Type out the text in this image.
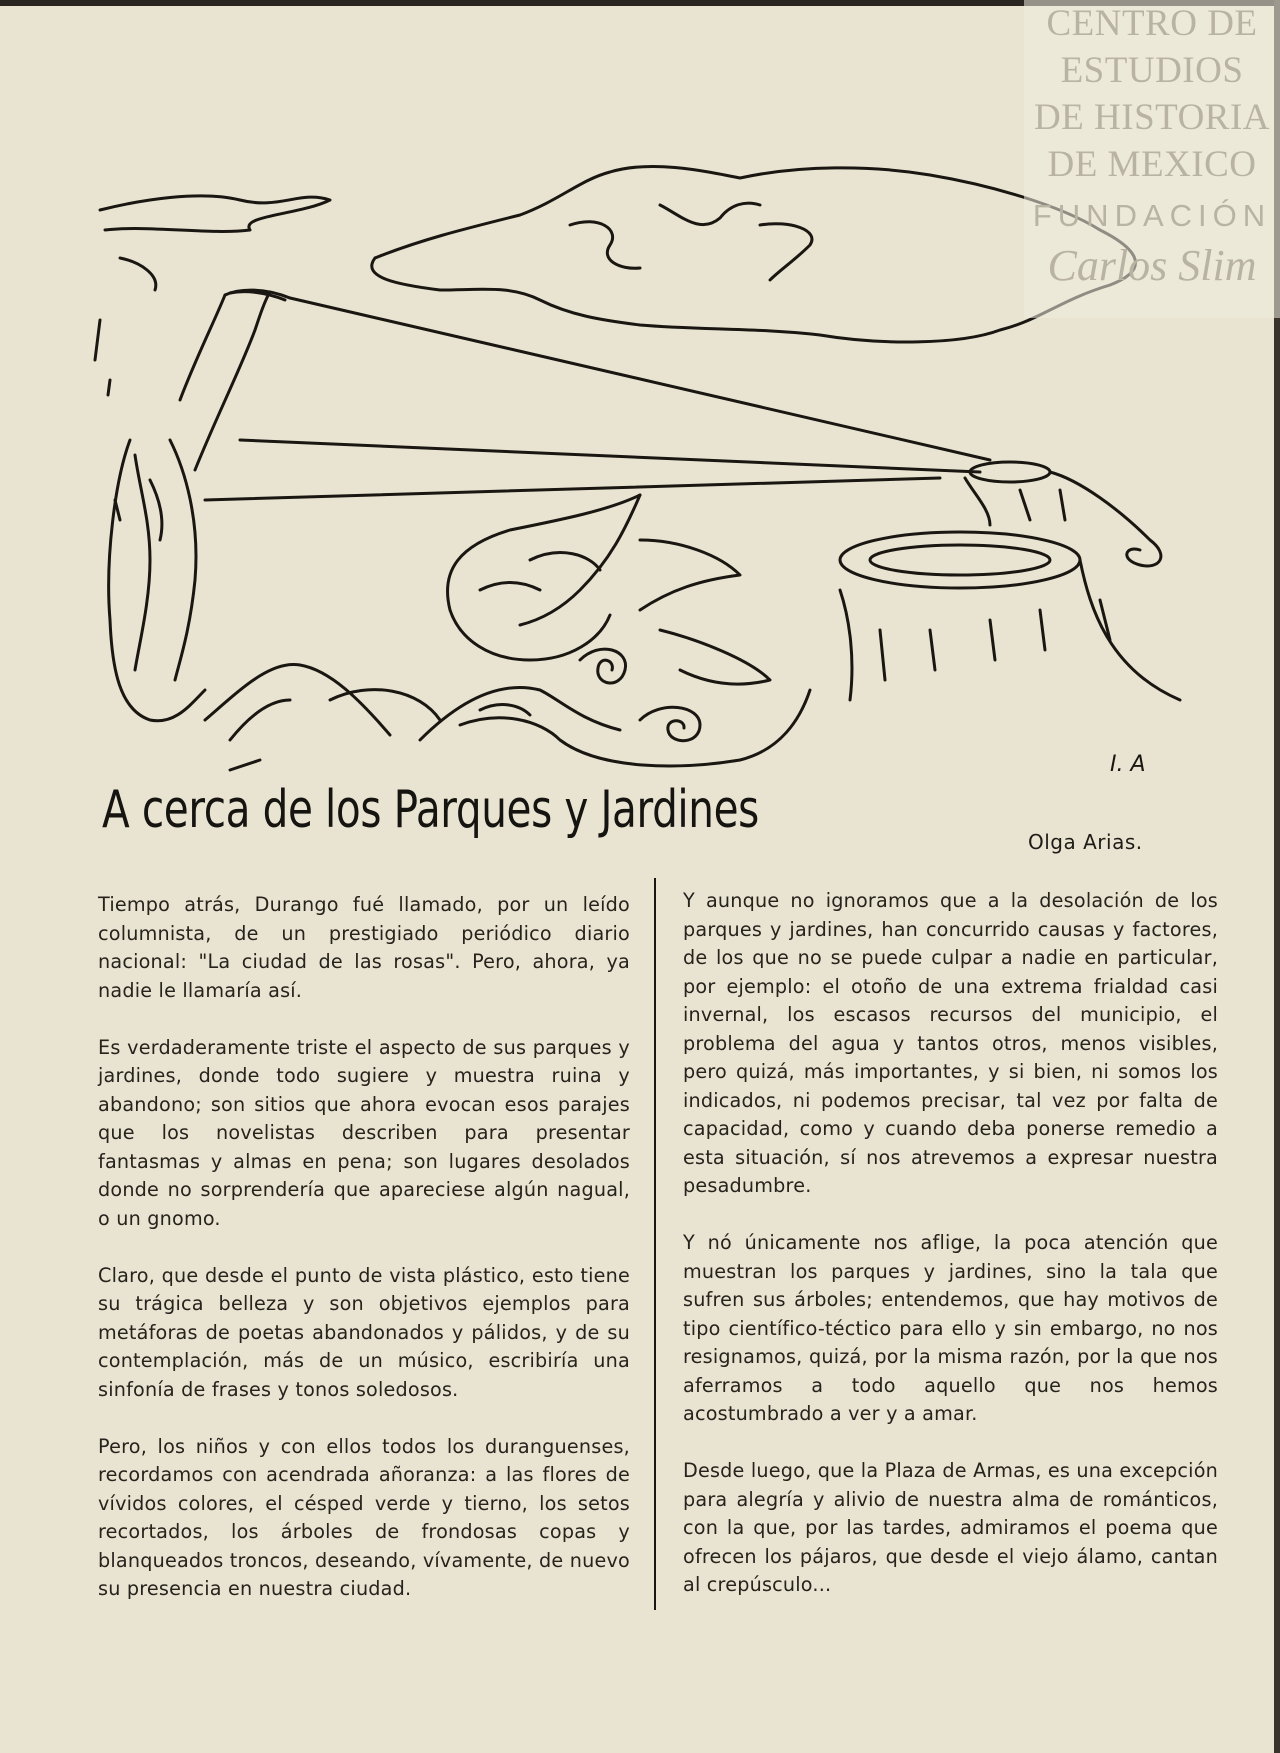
I. A
CENTRO DE
ESTUDIOS
DE HISTORIA
DE MEXICO
FUNDACIÓN
Carlos Slim
A cerca de los Parques y Jardines
Olga Arias.

Tiempo atrás, Durango fué llamado, por un leído columnista, de un prestigiado periódico diario nacional: "La ciudad de las rosas". Pero, ahora, ya nadie le llamaría así.

Es verdaderamente triste el aspecto de sus parques y jardines, donde todo sugiere y muestra ruina y abandono; son sitios que ahora evocan esos parajes que los novelistas describen para presentar fantasmas y almas en pena; son lugares desolados donde no sorprendería que apareciese algún nagual, o un gnomo.

Claro, que desde el punto de vista plástico, esto tiene su trágica belleza y son objetivos ejemplos para metáforas de poetas abandonados y pálidos, y de su contemplación, más de un músico, escribiría una sinfonía de frases y tonos soledosos.

Pero, los niños y con ellos todos los duranguenses, recordamos con acendrada añoranza: a las flores de vívidos colores, el césped verde y tierno, los setos recortados, los árboles de frondosas copas y blanqueados troncos, deseando, vívamente, de nuevo su presencia en nuestra ciudad.

Y aunque no ignoramos que a la desolación de los parques y jardines, han concurrido causas y factores, de los que no se puede culpar a nadie en particular, por ejemplo: el otoño de una extrema frialdad casi invernal, los escasos recursos del municipio, el problema del agua y tantos otros, menos visibles, pero quizá, más importantes, y si bien, ni somos los indicados, ni podemos precisar, tal vez por falta de capacidad, como y cuando deba ponerse remedio a esta situación, sí nos atrevemos a expresar nuestra pesadumbre.

Y nó únicamente nos aflige, la poca atención que muestran los parques y jardines, sino la tala que sufren sus árboles; entendemos, que hay motivos de tipo científico-téctico para ello y sin embargo, no nos resignamos, quizá, por la misma razón, por la que nos aferramos a todo aquello que nos hemos acostumbrado a ver y a amar.

Desde luego, que la Plaza de Armas, es una excepción para alegría y alivio de nuestra alma de románticos, con la que, por las tardes, admiramos el poema que ofrecen los pájaros, que desde el viejo álamo, cantan al crepúsculo...
